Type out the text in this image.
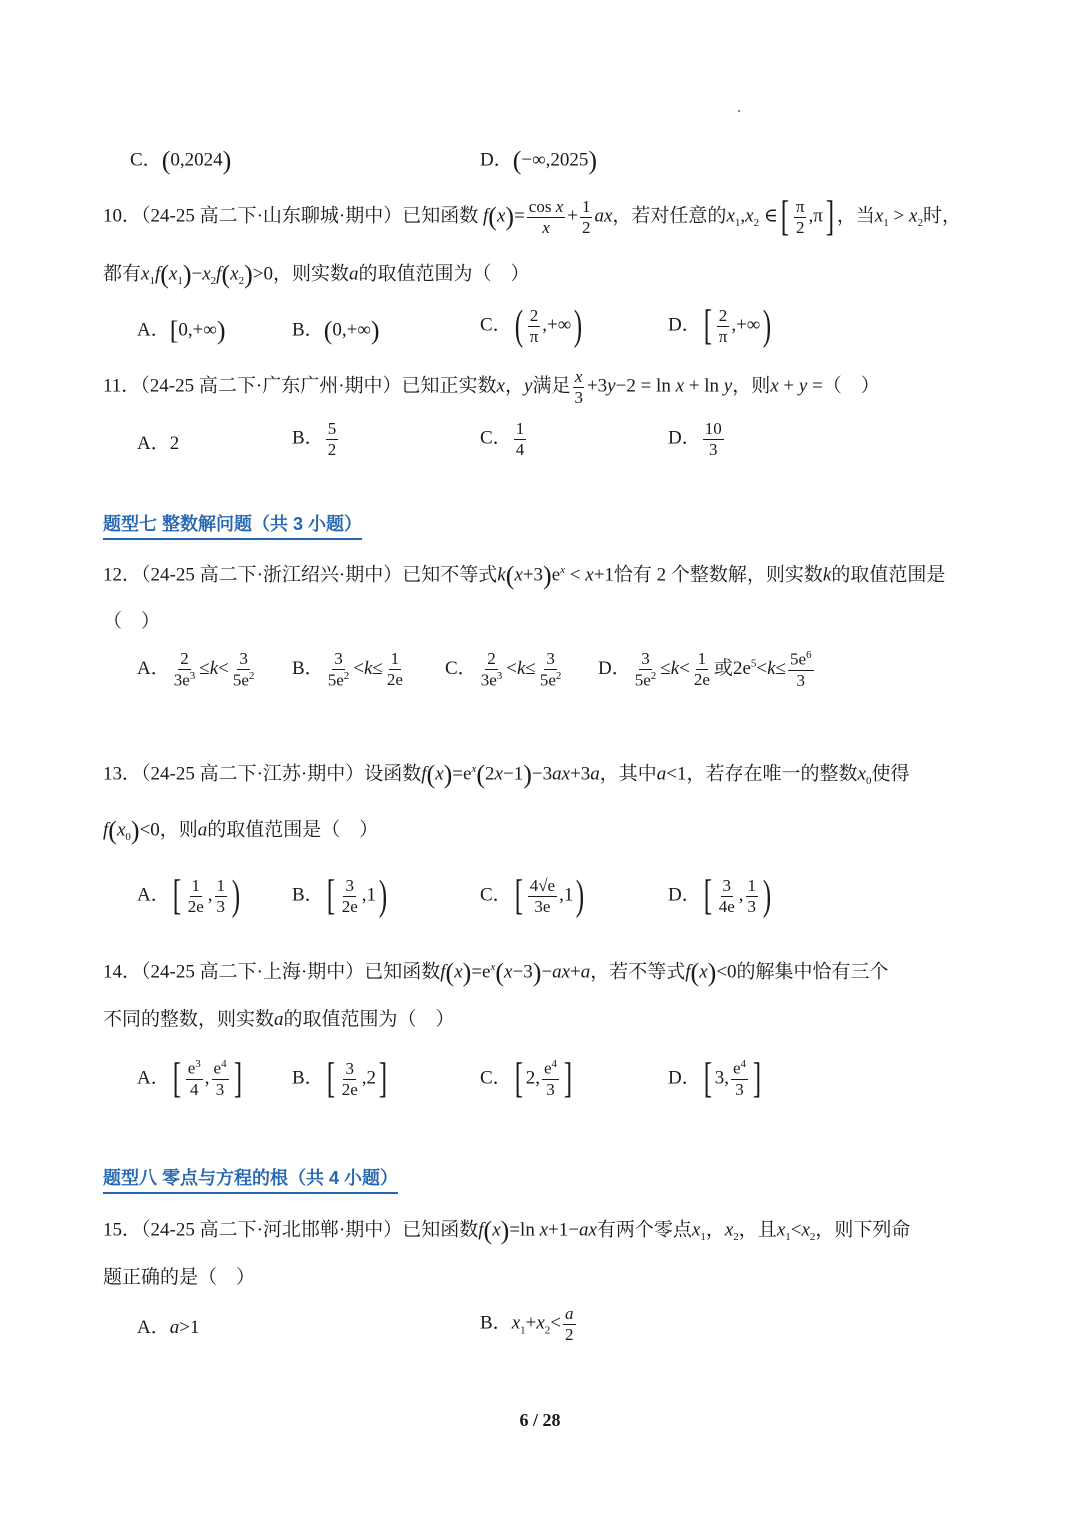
C．(0,2024)	D．(−∞,2025)
10．（24-25 高二下·山东聊城·期中）已知函数 $f(x)= \frac{\text{cos x}}{x} + \frac{1}{2}$ ax，若对任意的$x_1,x_2$ ∈[ $\frac{\pi}{2} ,\pi$] ，当$x_1 > x_2$时，
都有$x_1f(x_1)-x_2f(x_2)>0$，则实数a的取值范围为（　）
A．[0,+∞)	B．(0,+∞)	C．( $\frac{2}{\pi}$ ,+∞)	D．[ $\frac{2}{\pi}$ ,+∞)
11．（24-25 高二下·广东广州·期中）已知正实数x，y满足 $\frac{x}{3} +3y-2 = \ln x + \ln y$，则x + y =（　）
A．2	B． $\frac{5}{2}$	C． $\frac{1}{4}$	D． $\frac{10}{3}$
题型七 整数解问题（共 3 小题）
12．（24-25 高二下·浙江绍兴·期中）已知不等式$k(x+3)e^x < x+1$恰有 2 个整数解，则实数k的取值范围是
（　）
A． $\frac{2}{3e^3} \le k< \frac{3}{5e^2}$ B． $\frac{3}{5e^2} <k\le \frac{1}{2e}$ C． $\frac{2}{3e^3} <k\le \frac{3}{5e^2}$ D． $\frac{3}{5e^2} \le k< \frac{1}{2e}$ 或$2e^5<k\le \frac{5e^6}{3}$
13．（24-25 高二下·江苏·期中）设函数$f(x)=e^x(2x-1)-3ax+3a$，其中a<1，若存在唯一的整数$x_0$使得
$f(x_0)<0$，则a的取值范围是（　）
A．[ $\frac{1}{2e}$ , $\frac{1}{3}$ )	B．[ $\frac{3}{2e} ,1$)	C．[ $\frac{4√e}{3e} ,1$)	D．[ $\frac{3}{4e}$ , $\frac{1}{3}$ )
14．（24-25 高二下·上海·期中）已知函数$f(x)=e^x(x-3)-ax+a$，若不等式f(x)<0的解集中恰有三个
不同的整数，则实数a的取值范围为（　）
A．[ $\frac{e^3}{4}$ , $\frac{e^4}{3}$ ]	B．[ $\frac{3}{2e} ,2$]	C．[ 2, $\frac{e^4}{3}$ ]	D．[ 3, $\frac{e^4}{3}$ ]
题型八 零点与方程的根（共 4 小题）
15．（24-25 高二下·河北邯郸·期中）已知函数f(x)=ln x+1−ax有两个零点$x_1$，$x_2$，且$x_1<x_2$，则下列命
题正确的是（　）
A．a>1	B．$x_1+x_2< \frac{a}{2}$
6 / 28
